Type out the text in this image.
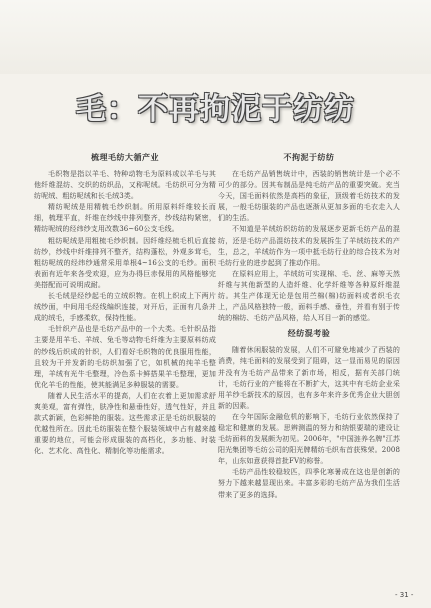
毛：不再拘泥于纺纺
梳理毛纺大循产业

毛织物是指以羊毛、特种动物毛为原料或以羊毛与其他纤维混纺、交织的纺织品，又称呢绒。毛纺织可分为精纺呢绒、粗纺呢绒和长毛绒3类。

精纺呢绒是用精梳毛纱织制。所用原料纤维较长而细，梳理平直，纤维在纱线中排列整齐，纱线结构紧密，精纺呢绒的经纬纱支用改数36~60公支毛线。

粗纺呢绒是用粗梳毛纱织制。因纤维经梳毛机后直接纺纱，纱线中纤维排列不整齐，结构蓬松，外观多茸毛，粗纺呢绒的经纬纱通常采用单根4~16公支的毛纱。面积表面有近年来各受欢迎，应为办得巨赤保用的风格能够完美搭配而可说明成耐。

长毛绒是经纱起毛的立绒织物。在机上织成上下两片绒纱面，中间用毛经线编织连接，对开后，正面有几条并成的绒毛，手感柔软，保持性能。

毛针织产品也是毛纺产品中的一个大类。毛针织品指主要是用羊毛、羊绒、兔毛等动物毛纤维为主要原料纺成的纱线后织成的针织，人们看好毛织物的优良服用性能，且较为干并发新的毛纺织加强了它，如机械的纯羊毛整理，羊绒有光牛毛整理，冷色系卡鲜搭果羊毛整理，更加优化羊毛的性能，使其能满足多种服装的需要。

随着人民生活水平的提高，人们在衣着上更加需求舒爽美观，富有弹性，肤净性和悬垂性好，透气性好，并且款式新颖，色彩鲜艳的服装。这些需求正是毛纺织服装的优越性所在。因此毛纺服装在整个服装领域中占有越来越重要的地位，可能会形成服装的高档化，多功能、时装化、艺术化、高性化、精制化等功能需求。

不拘泥于纺纺

在毛纺产品销售统计中，西装的销售统计是一个必不可少的部分。因其布制品是纯毛纺产品的重要突破。充当今天，国毛面料依然是高档的象征，顶级着毛纺技术的发展，一般毛纺服装的产品也逐渐从更加多面的毛衣走入人们的生活。

不知道是羊绒纺织纺纺的发展逐步更新毛纺产品的混纺，还是毛纺产品混纺技术的发展拆生了羊绒纺技术的产生，总之，羊绒纺作为一项中抵毛纺行业的综合技术为对毛纺行业的进步起到了推动作用。

在原料应用上，羊绒纺可实现棉、毛、丝、麻等天然纤维与其他新型的人造纤维、化学纤维等各种原纤维混纺。其生产体现无论是包用苎棉(棉)纺面料或者织毛衣上，产品风格独特一般，面料手感、垂性，并看有别于传统的棉纺、毛纺产品风格，给人耳目一新的感觉。

经纺混考验

随着休闲服装的发展，人们不可避免地减少了西装的消费，纯毛面料的发展受到了阻碍，这一显而易见的原因并没有为毛纺产品带来了新市场，相反，据有关部门统计，毛纺行业的产能将在不断扩大，这其中有毛纺企业采用羊纱毛新技术的原因，也有多年来许多优秀企业大胆创新的因素。

在今年国际金融危机的影响下，毛纺行业依然保持了稳定和健康的发展。思辨测温的努力和纳银要瑞的建设让毛纺面料的发展颇为初见。2006年，"中国涟养名牌"江苏阳光集团等毛纺公司的阳光牌精纺毛织布首获殊荣。2008年，山东如意获得首批FV的称誉。

毛纺产品性较稳较匹，四季化寒暑成在这也是创新的努力下越来越显现出来。丰富多彩的毛纺产品为我们生活带来了更多的选择。

- 31 -
